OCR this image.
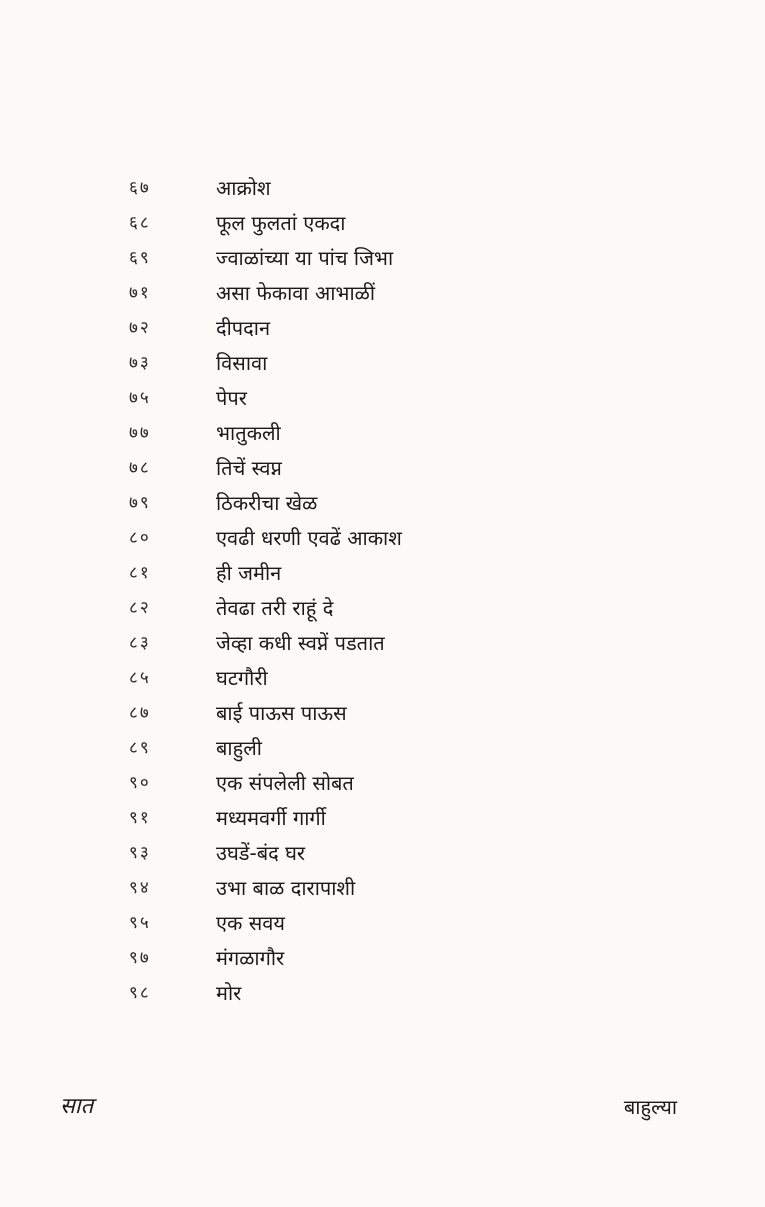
६७	आक्रोश
६८	फूल फुलतां एकदा
६९	ज्वाळांच्या या पांच जिभा
७१	असा फेकावा आभाळीं
७२	दीपदान
७३	विसावा
७५	पेपर
७७	भातुकली
७८	तिचें स्वप्न
७९	ठिकरीचा खेळ
८०	एवढी धरणी एवढें आकाश
८१	ही जमीन
८२	तेवढा तरी राहूं दे
८३	जेव्हा कधी स्वप्नें पडतात
८५	घटगौरी
८७	बाई पाऊस पाऊस
८९	बाहुली
९०	एक संपलेली सोबत
९१	मध्यमवर्गी गार्गी
९३	उघडें-बंद घर
९४	उभा बाळ दारापाशी
९५	एक सवय
९७	मंगळागौर
९८	मोर
सात	बाहुल्या
